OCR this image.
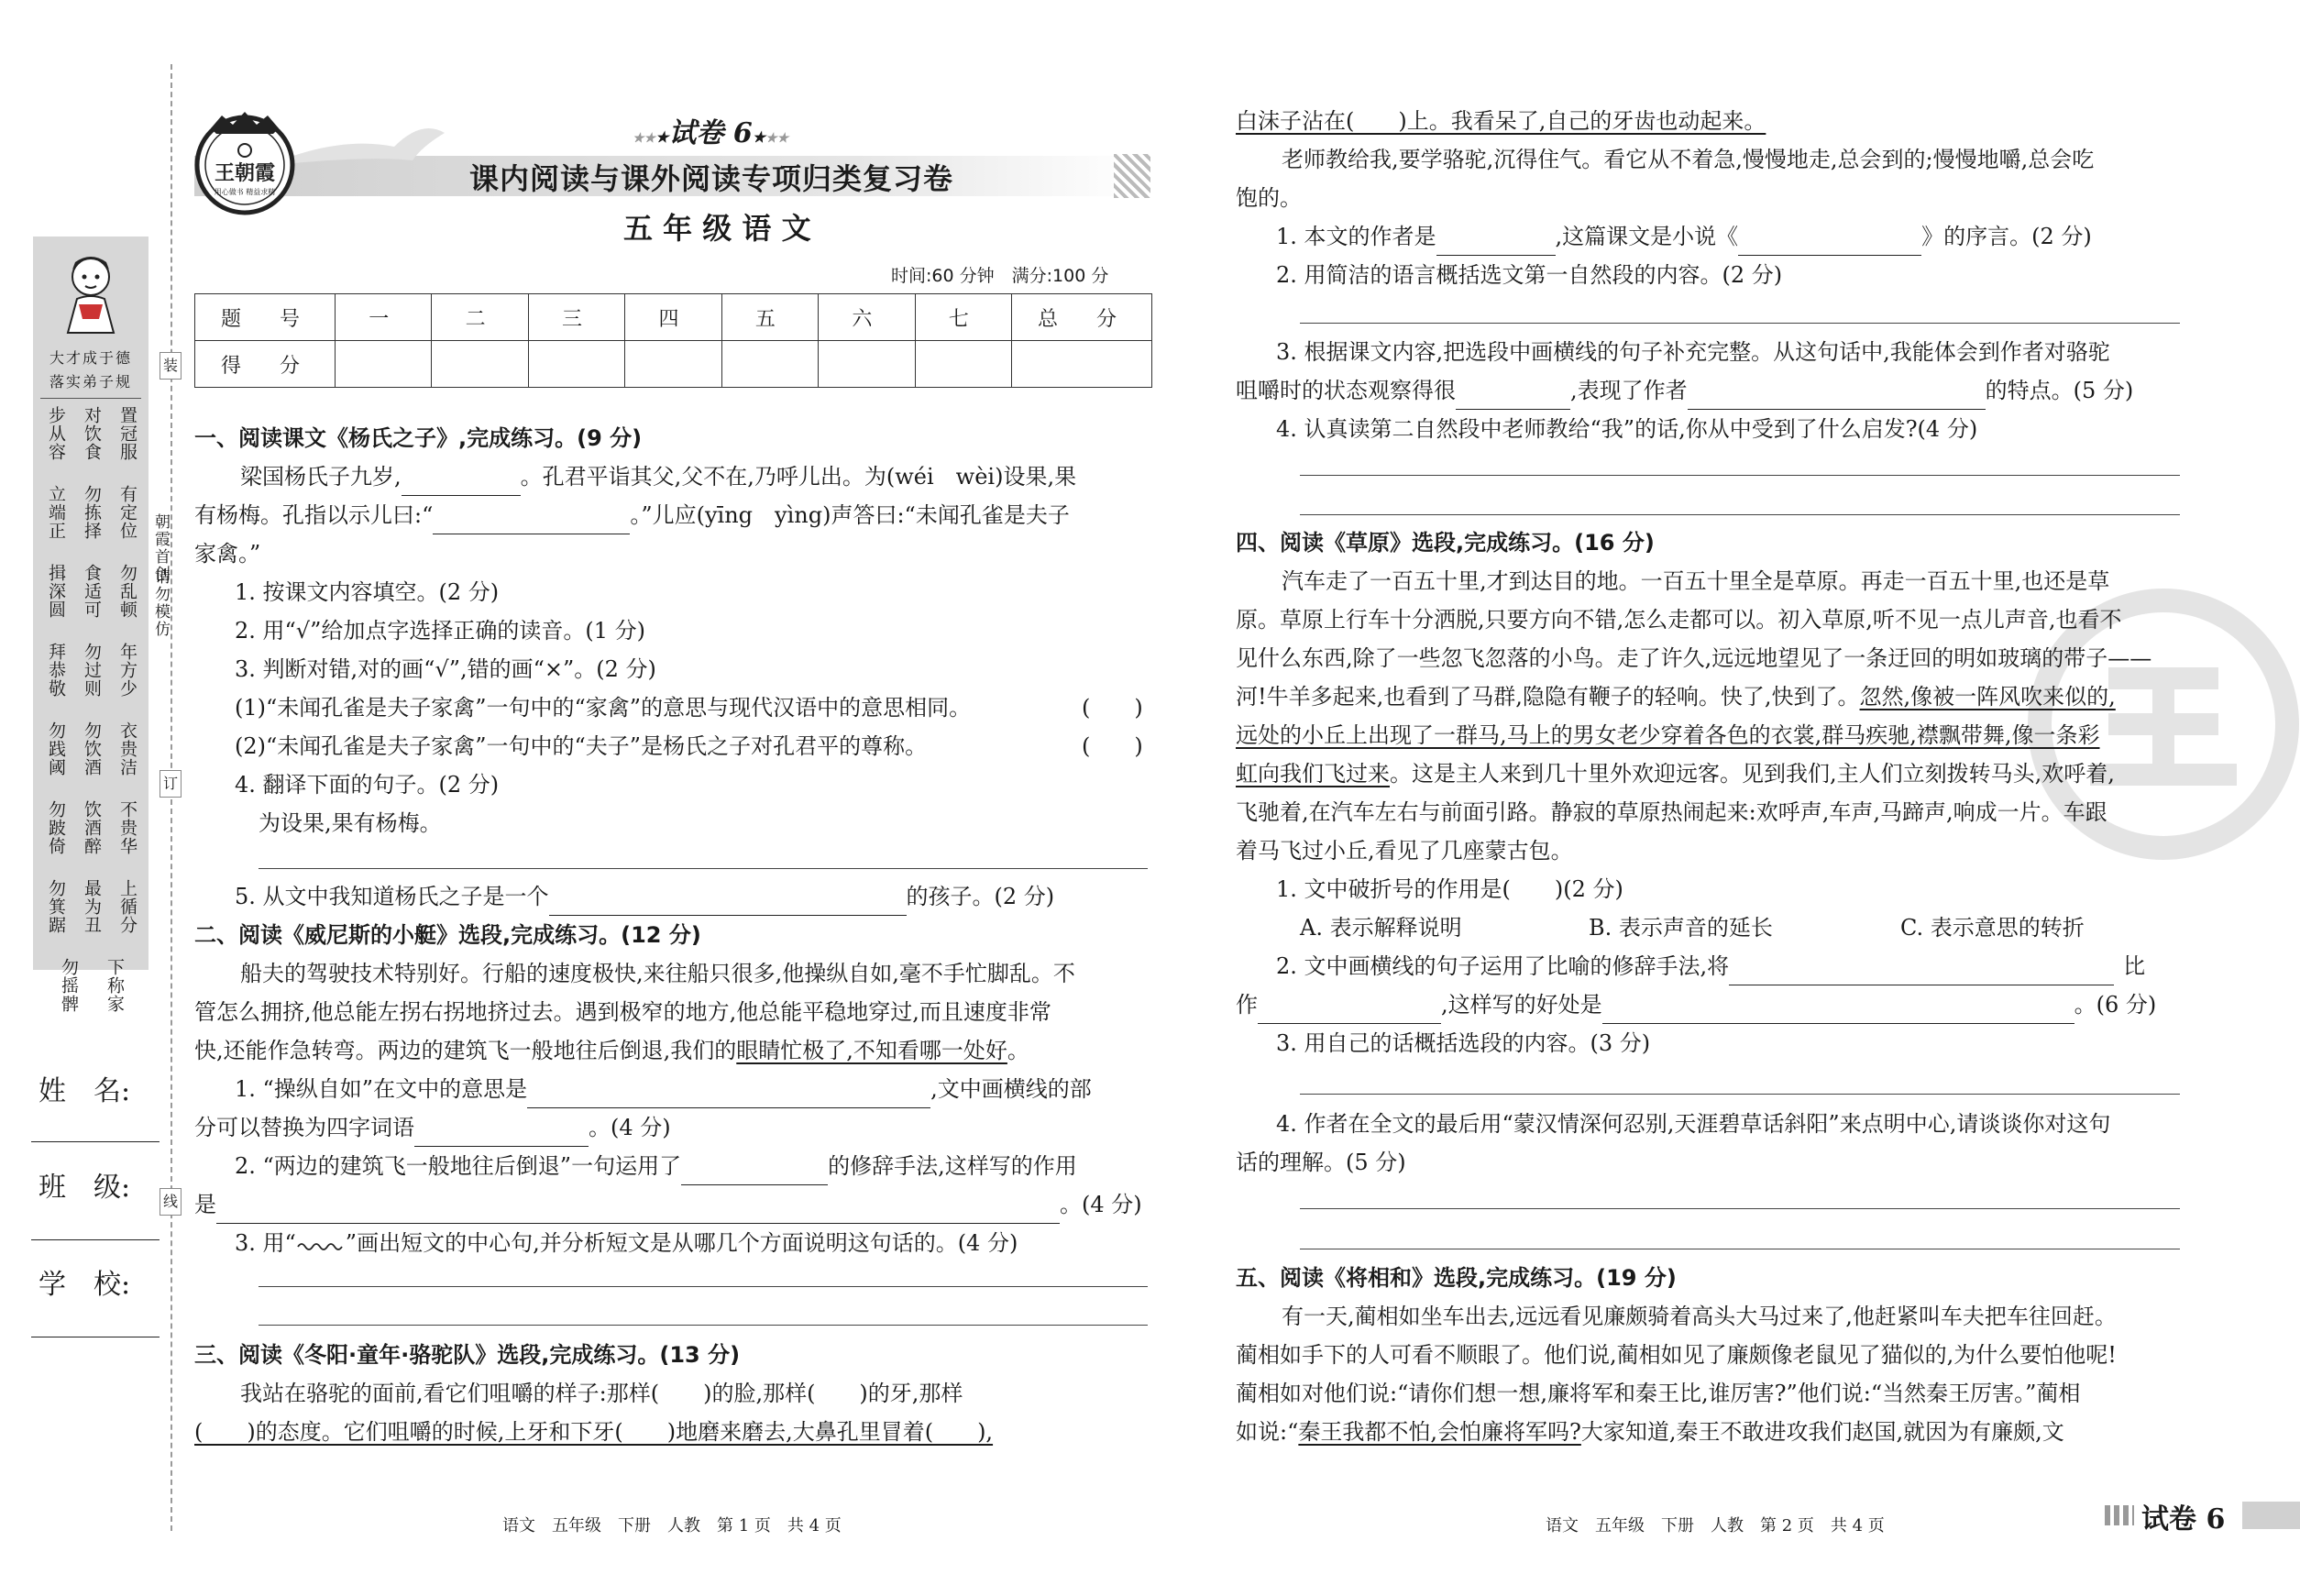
大才成于德
落实弟子规
步从容 对饮食 置冠服
立端正 勿拣择 有定位
揖深圆 食适可 勿乱顿
拜恭敬 勿过则 年方少
勿践阈 勿饮酒 衣贵洁
勿跛倚 饮酒醉 不贵华
勿箕踞 最为丑 上循分
勿摇髀 下称家
朝霞首创
请勿模仿
装
订
线
姓　名:
班　级:
学　校:
王朝霞
用心做书 精益求精
★★★试卷 6★★★
课内阅读与课外阅读专项归类复习卷
五 年 级 语 文
时间:60 分钟　满分:100 分
题　号	一	二	三	四	五	六	七	总　分
得　分								
一、阅读课文《杨氏之子》,完成练习。(9 分)
梁国杨氏子九岁,	。孔君平诣其父,父不在,乃呼儿出。为(wéi　wèi)设果,果
有杨梅。孔指以示儿曰:“	。”儿应(yīng　yìng)声答曰:“未闻孔雀是夫子
家禽。”
1. 按课文内容填空。(2 分)
2. 用“√”给加点字选择正确的读音。(1 分)
3. 判断对错,对的画“√”,错的画“×”。(2 分)
(1)“未闻孔雀是夫子家禽”一句中的“家禽”的意思与现代汉语中的意思相同。	(　　)
(2)“未闻孔雀是夫子家禽”一句中的“夫子”是杨氏之子对孔君平的尊称。	(　　)
4. 翻译下面的句子。(2 分)
为设果,果有杨梅。
5. 从文中我知道杨氏之子是一个	的孩子。(2 分)
二、阅读《威尼斯的小艇》选段,完成练习。(12 分)
船夫的驾驶技术特别好。行船的速度极快,来往船只很多,他操纵自如,毫不手忙脚乱。不
管怎么拥挤,他总能左拐右拐地挤过去。遇到极窄的地方,他总能平稳地穿过,而且速度非常
快,还能作急转弯。两边的建筑飞一般地往后倒退,我们的眼睛忙极了,不知看哪一处好。
1. “操纵自如”在文中的意思是	,文中画横线的部
分可以替换为四字词语	。(4 分)
2. “两边的建筑飞一般地往后倒退”一句运用了	的修辞手法,这样写的作用
是	。(4 分)
3. 用“ ”画出短文的中心句,并分析短文是从哪几个方面说明这句话的。(4 分)
三、阅读《冬阳·童年·骆驼队》选段,完成练习。(13 分)
我站在骆驼的面前,看它们咀嚼的样子:那样(　　)的脸,那样(　　)的牙,那样
(　　)的态度。它们咀嚼的时候,上牙和下牙(　　)地磨来磨去,大鼻孔里冒着(　　),
白沫子沾在(　　)上。我看呆了,自己的牙齿也动起来。
老师教给我,要学骆驼,沉得住气。看它从不着急,慢慢地走,总会到的;慢慢地嚼,总会吃
饱的。
1. 本文的作者是	,这篇课文是小说《	》的序言。(2 分)
2. 用简洁的语言概括选文第一自然段的内容。(2 分)
3. 根据课文内容,把选段中画横线的句子补充完整。从这句话中,我能体会到作者对骆驼
咀嚼时的状态观察得很	,表现了作者	的特点。(5 分)
4. 认真读第二自然段中老师教给“我”的话,你从中受到了什么启发?(4 分)
四、阅读《草原》选段,完成练习。(16 分)
汽车走了一百五十里,才到达目的地。一百五十里全是草原。再走一百五十里,也还是草
原。草原上行车十分洒脱,只要方向不错,怎么走都可以。初入草原,听不见一点儿声音,也看不
见什么东西,除了一些忽飞忽落的小鸟。走了许久,远远地望见了一条迂回的明如玻璃的带子——
河!牛羊多起来,也看到了马群,隐隐有鞭子的轻响。快了,快到了。忽然,像被一阵风吹来似的,
远处的小丘上出现了一群马,马上的男女老少穿着各色的衣裳,群马疾驰,襟飘带舞,像一条彩
虹向我们飞过来。这是主人来到几十里外欢迎远客。见到我们,主人们立刻拨转马头,欢呼着,
飞驰着,在汽车左右与前面引路。静寂的草原热闹起来:欢呼声,车声,马蹄声,响成一片。车跟
着马飞过小丘,看见了几座蒙古包。
1. 文中破折号的作用是(　　)(2 分)
A. 表示解释说明	B. 表示声音的延长	C. 表示意思的转折
2. 文中画横线的句子运用了比喻的修辞手法,将	比
作	,这样写的好处是	。(6 分)
3. 用自己的话概括选段的内容。(3 分)
4. 作者在全文的最后用“蒙汉情深何忍别,天涯碧草话斜阳”来点明中心,请谈谈你对这句
话的理解。(5 分)
五、阅读《将相和》选段,完成练习。(19 分)
有一天,蔺相如坐车出去,远远看见廉颇骑着高头大马过来了,他赶紧叫车夫把车往回赶。
蔺相如手下的人可看不顺眼了。他们说,蔺相如见了廉颇像老鼠见了猫似的,为什么要怕他呢!
蔺相如对他们说:“请你们想一想,廉将军和秦王比,谁厉害?”他们说:“当然秦王厉害。”蔺相
如说:“秦王我都不怕,会怕廉将军吗?大家知道,秦王不敢进攻我们赵国,就因为有廉颇,文
语文　五年级　下册　人教　第 1 页　共 4 页	语文　五年级　下册　人教　第 2 页　共 4 页	试卷 6
